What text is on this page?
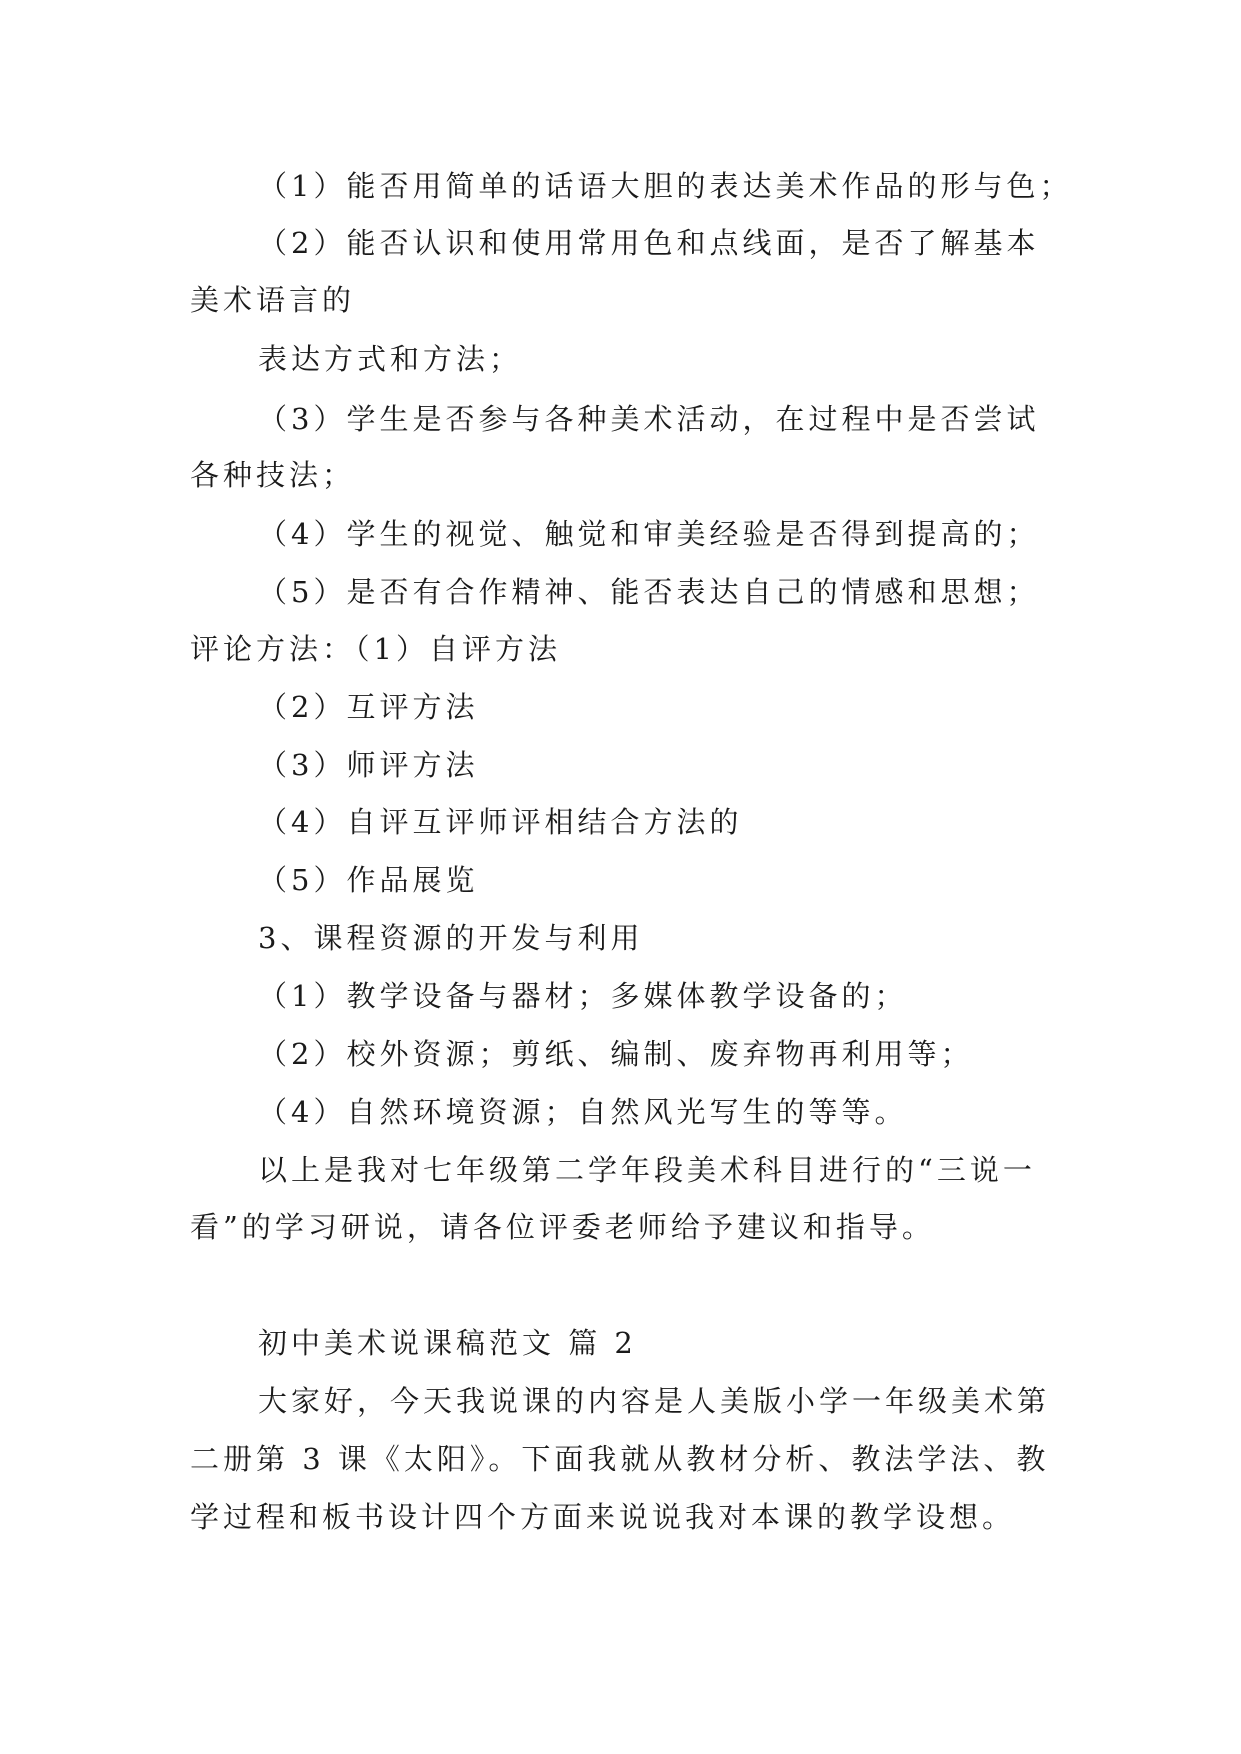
（1）能否用简单的话语大胆的表达美术作品的形与色；

（2）能否认识和使用常用色和点线面，是否了解基本

美术语言的

表达方式和方法；

（3）学生是否参与各种美术活动，在过程中是否尝试

各种技法；

（4）学生的视觉、触觉和审美经验是否得到提高的；

（5）是否有合作精神、能否表达自己的情感和思想；

评论方法：（1）自评方法

（2）互评方法

（3）师评方法

（4）自评互评师评相结合方法的

（5）作品展览

3、课程资源的开发与利用

（1）教学设备与器材；多媒体教学设备的；

（2）校外资源；剪纸、编制、废弃物再利用等；

（4）自然环境资源；自然风光写生的等等。

以上是我对七年级第二学年段美术科目进行的“三说一

看”的学习研说，请各位评委老师给予建议和指导。

初中美术说课稿范文 篇 2

大家好，今天我说课的内容是人美版小学一年级美术第

二册第 3 课《太阳》。下面我就从教材分析、教法学法、教

学过程和板书设计四个方面来说说我对本课的教学设想。
